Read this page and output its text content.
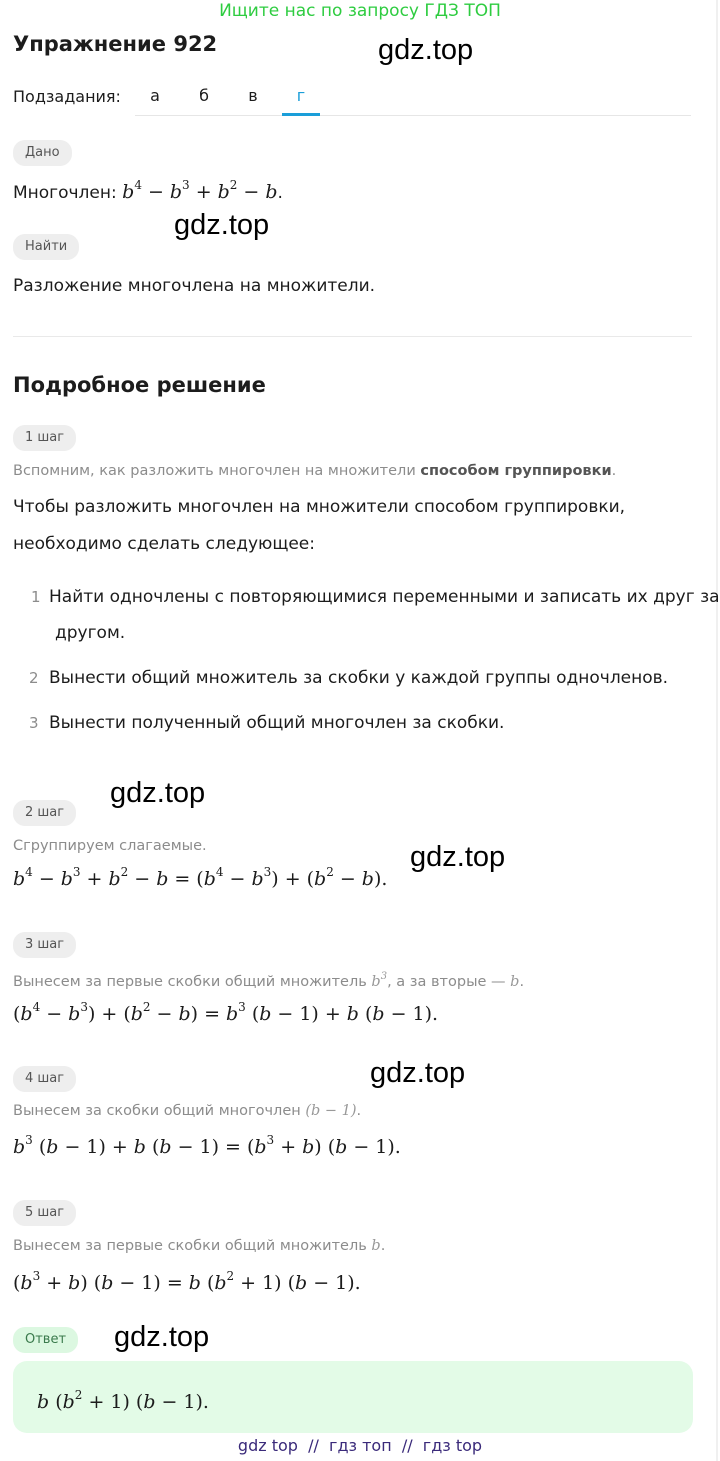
Ищите нас по запросу ГДЗ ТОП
Упражнение 922	gdz.top
Подзадания:	а	б	в	г
Дано
Многочлен: $b^4 - b^3 + b^2 - b$.
gdz.top
Найти
Разложение многочлена на множители.
Подробное решение
1 шаг
Вспомним, как разложить многочлен на множители способом группировки.
Чтобы разложить многочлен на множители способом группировки,
необходимо сделать следующее:
1 Найти одночлены с повторяющимися переменными и записать их друг за
другом.
2 Вынести общий множитель за скобки у каждой группы одночленов.
3 Вынести полученный общий многочлен за скобки.
gdz.top
2 шаг
Сгруппируем слагаемые.	gdz.top
$b^4 - b^3 + b^2 - b = (b^4 - b^3) + (b^2 - b)$.
3 шаг
Вынесем за первые скобки общий множитель $b^3$, а за вторые — b.
$(b^4 - b^3) + (b^2 - b) = b^3$ (b − 1) + b (b − 1).
4 шаг	gdz.top
Вынесем за скобки общий многочлен (b − 1).
$b^3$ (b − 1) + b $(b - 1) = (b^3 + b) (b - 1)$.
5 шаг
Вынесем за первые скобки общий множитель b.
$(b^3 + b) (b - 1) = b$ $(b^2 + 1) (b - 1)$.
Ответ	gdz.top
b $(b^2 + 1) (b - 1)$.
gdz top  //  гдз топ  //  гдз top
